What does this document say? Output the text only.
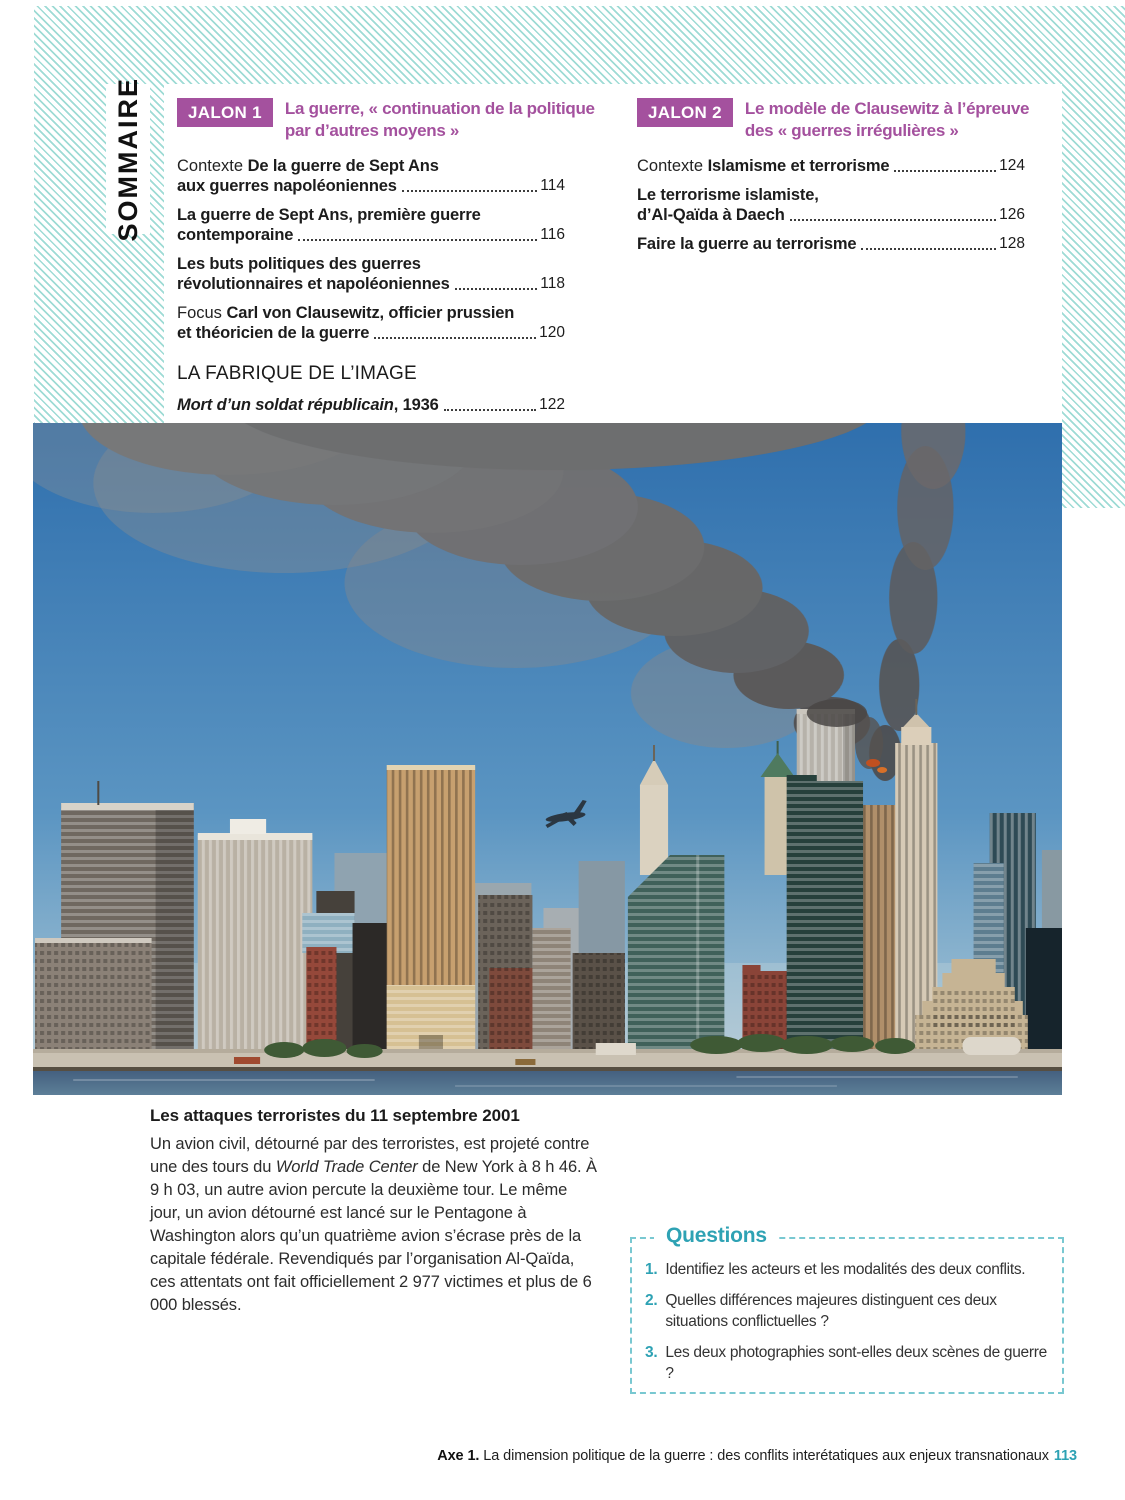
SOMMAIRE	JALON 1	La guerre, « continuation de la politique
par d’autres moyens »
Contexte De la guerre de Sept Ans
aux guerres napoléoniennes	114
La guerre de Sept Ans, première guerre
contemporaine	116
Les buts politiques des guerres
révolutionnaires et napoléoniennes	118
Focus Carl von Clausewitz, officier prussien
et théoricien de la guerre	120
LA FABRIQUE DE L’IMAGE
Mort d’un soldat républicain, 1936	122
JALON 2	Le modèle de Clausewitz à l’épreuve
des « guerres irrégulières »
Contexte Islamisme et terrorisme	124
Le terrorisme islamiste,
d’Al-Qaïda à Daech	126
Faire la guerre au terrorisme	128
Les attaques terroristes du 11 septembre 2001
Un avion civil, détourné par des terroristes, est projeté contre une des tours du World Trade Center de New York à 8 h 46. À 9 h 03, un autre avion percute la deuxième tour. Le même jour, un avion détourné est lancé sur le Pentagone à Washington alors qu’un quatrième avion s’écrase près de la capitale fédérale. Revendiqués par l’organisation Al-Qaïda, ces attentats ont fait officiellement 2 977 victimes et plus de 6 000 blessés.
Questions
1. Identifiez les acteurs et les modalités des deux conflits.
2. Quelles différences majeures distinguent ces deux situations conflictuelles ?
3. Les deux photographies sont-elles deux scènes de guerre ?
Axe 1. La dimension politique de la guerre : des conflits interétatiques aux enjeux transnationaux 113
